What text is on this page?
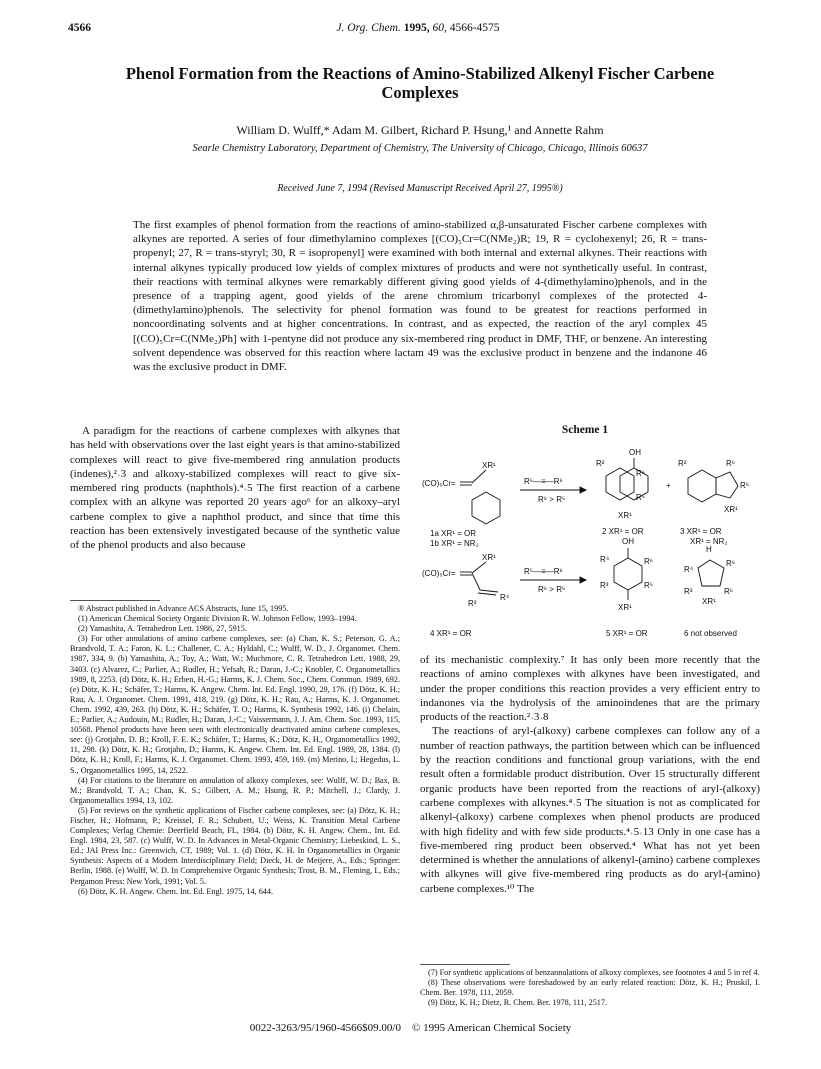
4566	J. Org. Chem. 1995, 60, 4566-4575
Phenol Formation from the Reactions of Amino-Stabilized Alkenyl Fischer Carbene Complexes
William D. Wulff,* Adam M. Gilbert, Richard P. Hsung,¹ and Annette Rahm
Searle Chemistry Laboratory, Department of Chemistry, The University of Chicago, Chicago, Illinois 60637
Received June 7, 1994 (Revised Manuscript Received April 27, 1995®)

The first examples of phenol formation from the reactions of amino-stabilized α,β-unsaturated Fischer carbene complexes with alkynes are reported. A series of four dimethylamino complexes [(CO)₅Cr=C(NMe₂)R; 19, R = cyclohexenyl; 26, R = trans-propenyl; 27, R = trans-styryl; 30, R = isopropenyl] were examined with both internal and external alkynes. Their reactions with internal alkynes typically produced low yields of complex mixtures of products and were not synthetically useful. In contrast, their reactions with terminal alkynes were remarkably different giving good yields of 4-(dimethylamino)phenols, and in the presence of a trapping agent, good yields of the arene chromium tricarbonyl complexes of the protected 4-(dimethylamino)phenols. The selectivity for phenol formation was found to be greatest for reactions performed in noncoordinating solvents and at higher concentrations. In contrast, and as expected, the reaction of the aryl complex 45 [(CO)₅Cr=C(NMe₂)Ph] with 1-pentyne did not produce any six-membered ring product in DMF, THF, or benzene. An interesting solvent dependence was observed for this reaction where lactam 49 was the exclusive product in benzene and the indanone 46 was the exclusive product in DMF.

A paradigm for the reactions of carbene complexes with alkynes that has held with observations over the last eight years is that amino-stabilized complexes will react to give five-membered ring annulation products (indenes),²˒3 and alkoxy-stabilized complexes will react to give six-membered ring products (naphthols).⁴˒5 The first reaction of a carbene complex with an alkyne was reported 20 years ago⁶ for an alkoxy–aryl carbene complex to give a naphthol product, and since that time this reaction has been extensively investigated because of the synthetic value of the phenol products and also because

® Abstract published in Advance ACS Abstracts, June 15, 1995.
(1) American Chemical Society Organic Division R. W. Johnson Fellow, 1993–1994.
(2) Yamashita, A. Tetrahedron Lett. 1986, 27, 5915.
(3) For other annulations of amino carbene complexes, see: (a) Chan, K. S.; Peterson, G. A.; Brandvold, T. A.; Faron, K. L.; Challener, C. A.; Hyldahl, C.; Wulff, W. D., J. Organomet. Chem. 1987, 334, 9. (b) Yamashita, A.; Toy, A.; Watt, W.; Muchmore, C. R. Tetrahedron Lett. 1988, 29, 3403. (c) Alvarez, C.; Parlier, A.; Rudler, H.; Yefsah, R.; Daran, J.-C.; Knobler, C. Organometallics 1989, 8, 2253. (d) Dötz, K. H.; Erben, H.-G.; Harms, K. J. Chem. Soc., Chem. Commun. 1989, 692. (e) Dötz, K. H.; Schäfer, T.; Harms, K. Angew. Chem. Int. Ed. Engl. 1990, 29, 176. (f) Dötz, K. H.; Rau, A. J. Organomet. Chem. 1991, 418, 219. (g) Dötz, K. H.; Rau, A.; Harms, K. J. Organomet. Chem. 1992, 439, 263. (h) Dötz, K. H.; Schäfer, T. O.; Harms, K. Synthesis 1992, 146. (i) Chelain, E.; Parlier, A.; Audouin, M.; Rudler, H.; Daran, J.-C.; Vaissermann, J. J. Am. Chem. Soc. 1993, 115, 10568. Phenol products have been seen with electronically deactivated amino carbene complexes, see: (j) Grotjahn, D. B.; Kroll, F. E. K.; Schäfer, T.; Harms, K.; Dötz, K. H., Organometallics 1992, 11, 298. (k) Dötz, K. H.; Grotjahn, D.; Harms, K. Angew. Chem. Int. Ed. Engl. 1989, 28, 1384. (l) Dötz, K. H.; Kroll, F.; Harms, K. J. Organomet. Chem. 1993, 459, 169. (m) Merino, I.; Hegedus, L. S., Organometallics 1995, 14, 2522.
(4) For citations to the literature on annulation of alkoxy complexes, see: Wulff, W. D.; Bax, B. M.; Brandvold, T. A.; Chan, K. S.; Gilbert, A. M.; Hsung, R. P.; Mitchell, J.; Clardy, J. Organometallics 1994, 13, 102.
(5) For reviews on the synthetic applications of Fischer carbene complexes, see: (a) Dötz, K. H.; Fischer, H.; Hofmann, P.; Kreissel, F. R.; Schubert, U.; Weiss, K. Transition Metal Carbene Complexes; Verlag Chemie: Deerfield Beach, FL, 1984. (b) Dötz, K. H. Angew. Chem., Int. Ed. Engl. 1984, 23, 587. (c) Wulff, W. D. In Advances in Metal-Organic Chemistry; Liebeskind, L. S., Ed.; JAI Press Inc.: Greenwich, CT, 1989; Vol. 1. (d) Dötz, K. H. In Organometallics in Organic Synthesis: Aspects of a Modern Interdisciplinary Field; Dieck, H. de Meijere, A., Eds.; Springer: Berlin, 1988. (e) Wulff, W. D. In Comprehensive Organic Synthesis; Trost, B. M., Fleming, I., Eds.; Pergamon Press: New York, 1991; Vol. 5.
(6) Dötz, K. H. Angew. Chem. Int. Ed. Engl. 1975, 14, 644.
Scheme 1
(CO)₅Cr=
XR¹
R⁵—≡—R⁶
R⁶ > R⁵
1a XR¹ = OR
1b XR¹ = NR₂
OH
R²
R⁶
R⁵
+
XR¹
2 XR¹ = OR
R²	R⁶
R⁵
XR¹
3 XR¹ = OR
XR¹ = NR₂
(CO)₅Cr=
XR¹
R³
R⁴
R⁵—≡—R⁶
R⁶ > R⁵
4 XR¹ = OR
OH
R⁴	R⁶
R³	R⁵
XR¹
5 XR¹ = OR
H
R⁴
R⁶
R³	R⁵
XR¹
6 not observed

of its mechanistic complexity.⁷ It has only been more recently that the reactions of amino complexes with alkynes have been investigated, and under the proper conditions this reaction provides a very efficient entry to indanones via the hydrolysis of the aminoindenes that are the primary products of the reaction.²˒3˒8

The reactions of aryl-(alkoxy) carbene complexes can follow any of a number of reaction pathways, the partition between which can be influenced by the reaction conditions and functional group variations, with the end result often a formidable product distribution. Over 15 structurally different organic products have been reported from the reactions of aryl-(alkoxy) carbene complexes with alkynes.⁴˒5 The situation is not as complicated for alkenyl-(alkoxy) carbene complexes when phenol products are produced with high fidelity and with few side products.⁴˒5˒13 Only in one case has a five-membered ring product been observed.⁴ What has not yet been determined is whether the annulations of alkenyl-(amino) carbene complexes with alkynes will give five-membered ring products as do aryl-(amino) carbene complexes.¹⁰ The

(7) For synthetic applications of benzannulations of alkoxy complexes, see footnotes 4 and 5 in ref 4.
(8) These observations were foreshadowed by an early related reaction: Dötz, K. H.; Pruskil, I. Chem. Ber. 1978, 111, 2059.
(9) Dötz, K. H.; Dietz, R. Chem. Ber. 1978, 111, 2517.
0022-3263/95/1960-4566$09.00/0 © 1995 American Chemical Society
